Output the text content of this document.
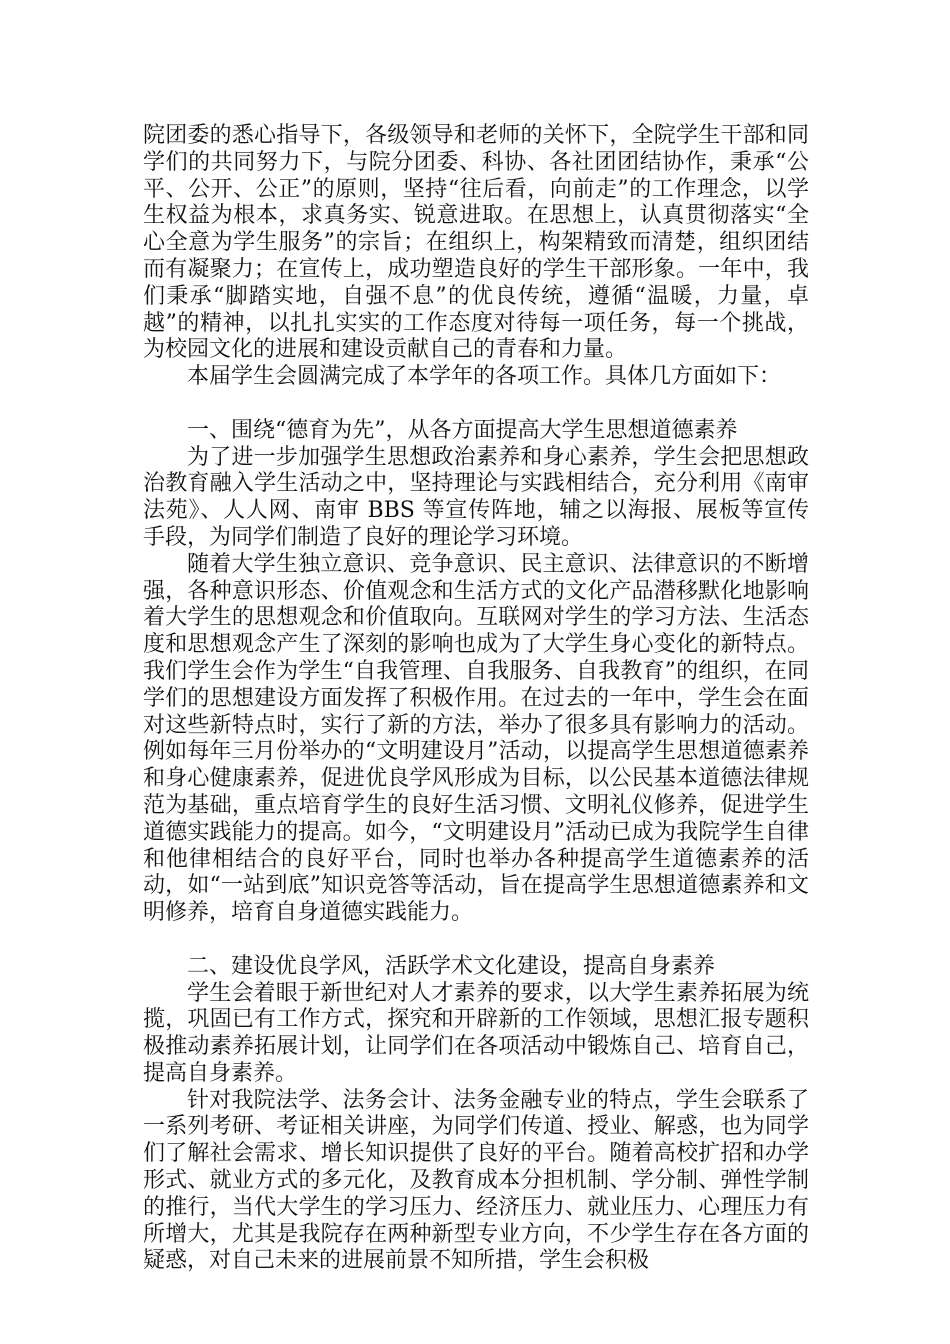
院团委的悉心指导下，各级领导和老师的关怀下，全院学生干部和同学们的共同努力下，与院分团委、科协、各社团团结协作，秉承“公平、公开、公正”的原则，坚持“往后看，向前走”的工作理念，以学生权益为根本，求真务实、锐意进取。在思想上，认真贯彻落实“全心全意为学生服务”的宗旨；在组织上，构架精致而清楚，组织团结而有凝聚力；在宣传上，成功塑造良好的学生干部形象。一年中，我们秉承“脚踏实地，自强不息”的优良传统，遵循“温暖，力量，卓越”的精神，以扎扎实实的工作态度对待每一项任务，每一个挑战，为校园文化的进展和建设贡献自己的青春和力量。

本届学生会圆满完成了本学年的各项工作。具体几方面如下：

一、围绕“德育为先”，从各方面提高大学生思想道德素养

为了进一步加强学生思想政治素养和身心素养，学生会把思想政治教育融入学生活动之中，坚持理论与实践相结合，充分利用《南审法苑》、人人网、南审 BBS 等宣传阵地，辅之以海报、展板等宣传手段，为同学们制造了良好的理论学习环境。

随着大学生独立意识、竞争意识、民主意识、法律意识的不断增强，各种意识形态、价值观念和生活方式的文化产品潜移默化地影响着大学生的思想观念和价值取向。互联网对学生的学习方法、生活态度和思想观念产生了深刻的影响也成为了大学生身心变化的新特点。我们学生会作为学生“自我管理、自我服务、自我教育”的组织，在同学们的思想建设方面发挥了积极作用。在过去的一年中，学生会在面对这些新特点时，实行了新的方法，举办了很多具有影响力的活动。例如每年三月份举办的“文明建设月”活动，以提高学生思想道德素养和身心健康素养，促进优良学风形成为目标，以公民基本道德法律规范为基础，重点培育学生的良好生活习惯、文明礼仪修养，促进学生道德实践能力的提高。如今，“文明建设月”活动已成为我院学生自律和他律相结合的良好平台，同时也举办各种提高学生道德素养的活动，如“一站到底”知识竞答等活动，旨在提高学生思想道德素养和文明修养，培育自身道德实践能力。

二、建设优良学风，活跃学术文化建设，提高自身素养

学生会着眼于新世纪对人才素养的要求，以大学生素养拓展为统揽，巩固已有工作方式，探究和开辟新的工作领域，思想汇报专题积极推动素养拓展计划，让同学们在各项活动中锻炼自己、培育自己，提高自身素养。

针对我院法学、法务会计、法务金融专业的特点，学生会联系了一系列考研、考证相关讲座，为同学们传道、授业、解惑，也为同学们了解社会需求、增长知识提供了良好的平台。随着高校扩招和办学形式、就业方式的多元化，及教育成本分担机制、学分制、弹性学制的推行，当代大学生的学习压力、经济压力、就业压力、心理压力有所增大，尤其是我院存在两种新型专业方向，不少学生存在各方面的疑惑，对自己未来的进展前景不知所措，学生会积极
